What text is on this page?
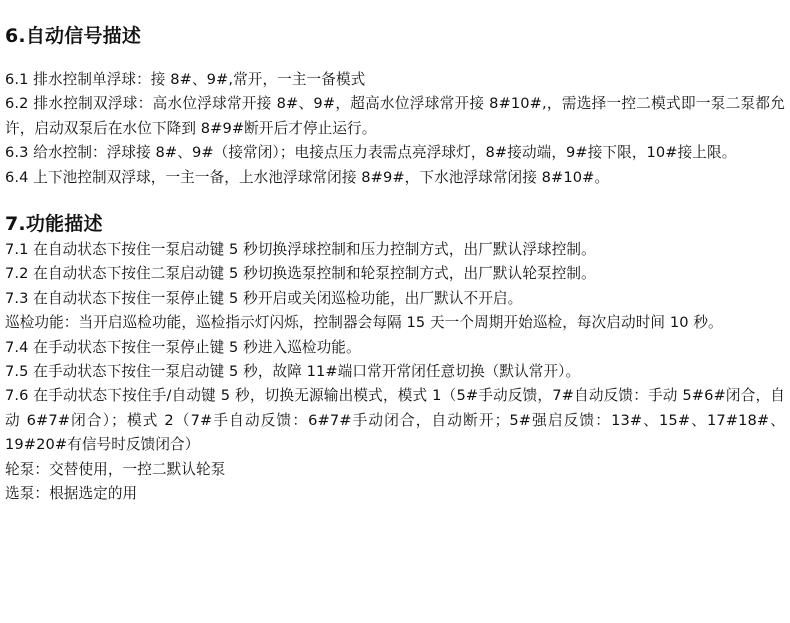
6.自动信号描述

6.1 排水控制单浮球：接 8#、9#,常开，一主一备模式

6.2 排水控制双浮球：高水位浮球常开接 8#、9#，超高水位浮球常开接 8#10#,，需选择一控二模式即一泵二泵都允许，启动双泵后在水位下降到 8#9#断开后才停止运行。

6.3 给水控制：浮球接 8#、9#（接常闭）；电接点压力表需点亮浮球灯，8#接动端，9#接下限，10#接上限。

6.4 上下池控制双浮球，一主一备，上水池浮球常闭接 8#9#，下水池浮球常闭接 8#10#。

7.功能描述

7.1 在自动状态下按住一泵启动键 5 秒切换浮球控制和压力控制方式，出厂默认浮球控制。

7.2 在自动状态下按住二泵启动键 5 秒切换选泵控制和轮泵控制方式，出厂默认轮泵控制。

7.3 在自动状态下按住一泵停止键 5 秒开启或关闭巡检功能，出厂默认不开启。

巡检功能：当开启巡检功能，巡检指示灯闪烁，控制器会每隔 15 天一个周期开始巡检，每次启动时间 10 秒。

7.4 在手动状态下按住一泵停止键 5 秒进入巡检功能。

7.5 在手动状态下按住一泵启动键 5 秒，故障 11#端口常开常闭任意切换（默认常开）。

7.6 在手动状态下按住手/自动键 5 秒，切换无源输出模式，模式 1（5#手动反馈，7#自动反馈：手动 5#6#闭合，自动 6#7#闭合）；模式 2（7#手自动反馈：6#7#手动闭合，自动断开；5#强启反馈：13#、15#、17#18#、19#20#有信号时反馈闭合）

轮泵：交替使用，一控二默认轮泵

选泵：根据选定的用
